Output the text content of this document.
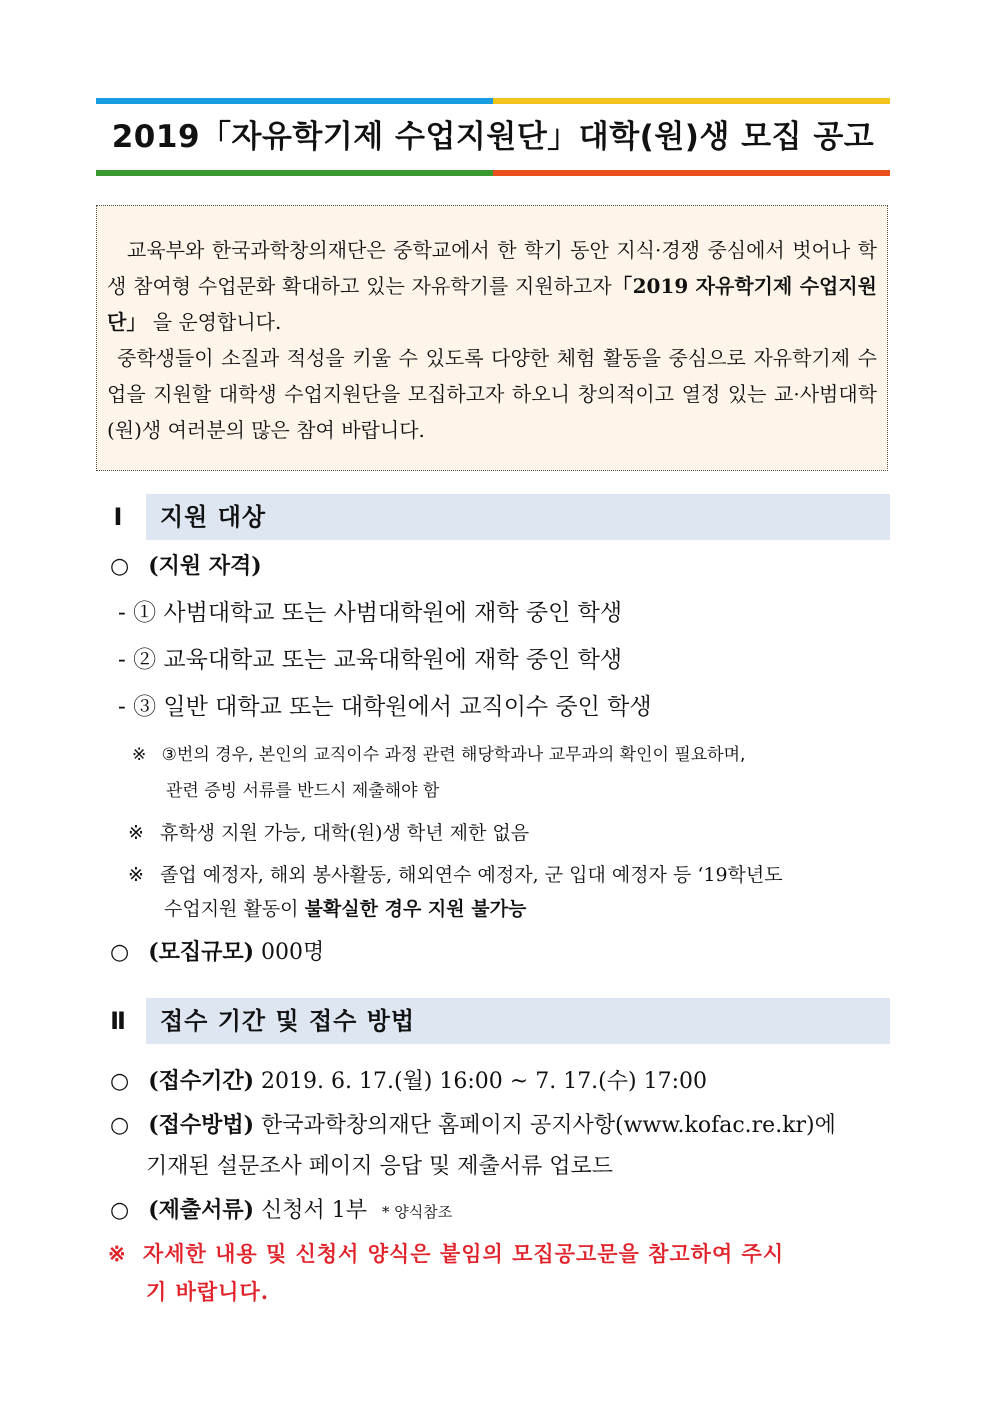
2019「자유학기제 수업지원단」대학(원)생 모집 공고

교육부와 한국과학창의재단은 중학교에서 한 학기 동안 지식·경쟁 중심에서 벗어나 학생 참여형 수업문화 확대하고 있는 자유학기를 지원하고자「2019 자유학기제 수업지원단」 을 운영합니다.

중학생들이 소질과 적성을 키울 수 있도록 다양한 체험 활동을 중심으로 자유학기제 수업을 지원할 대학생 수업지원단을 모집하고자 하오니 창의적이고 열정 있는 교·사범대학(원)생 여러분의 많은 참여 바랍니다.

Ⅰ	지원 대상
○ (지원 자격)
- ① 사범대학교 또는 사범대학원에 재학 중인 학생
- ② 교육대학교 또는 교육대학원에 재학 중인 학생
- ③ 일반 대학교 또는 대학원에서 교직이수 중인 학생
※ ③번의 경우, 본인의 교직이수 과정 관련 해당학과나 교무과의 확인이 필요하며,
관련 증빙 서류를 반드시 제출해야 함
※ 휴학생 지원 가능, 대학(원)생 학년 제한 없음
※ 졸업 예정자, 해외 봉사활동, 해외연수 예정자, 군 입대 예정자 등 ‘19학년도
수업지원 활동이 불확실한 경우 지원 불가능
○ (모집규모) 000명
Ⅱ	접수 기간 및 접수 방법
○ (접수기간) 2019. 6. 17.(월) 16:00 ~ 7. 17.(수) 17:00
○ (접수방법) 한국과학창의재단 홈페이지 공지사항(www.kofac.re.kr)에
기재된 설문조사 페이지 응답 및 제출서류 업로드
○ (제출서류) 신청서 1부 * 양식참조
※ 자세한 내용 및 신청서 양식은 붙임의 모집공고문을 참고하여 주시
기 바랍니다.
